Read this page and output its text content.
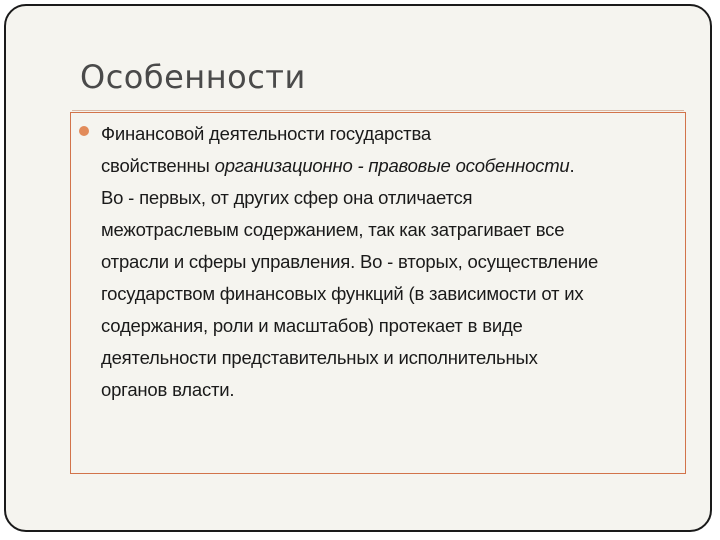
Особенности

Финансовой деятельности государства
свойственны организационно - правовые особенности.
Во - первых, от других сфер она отличается
межотраслевым содержанием, так как затрагивает все
отрасли и сферы управления. Во - вторых, осуществление
государством финансовых функций (в зависимости от их
содержания, роли и масштабов) протекает в виде
деятельности представительных и исполнительных
органов власти.
